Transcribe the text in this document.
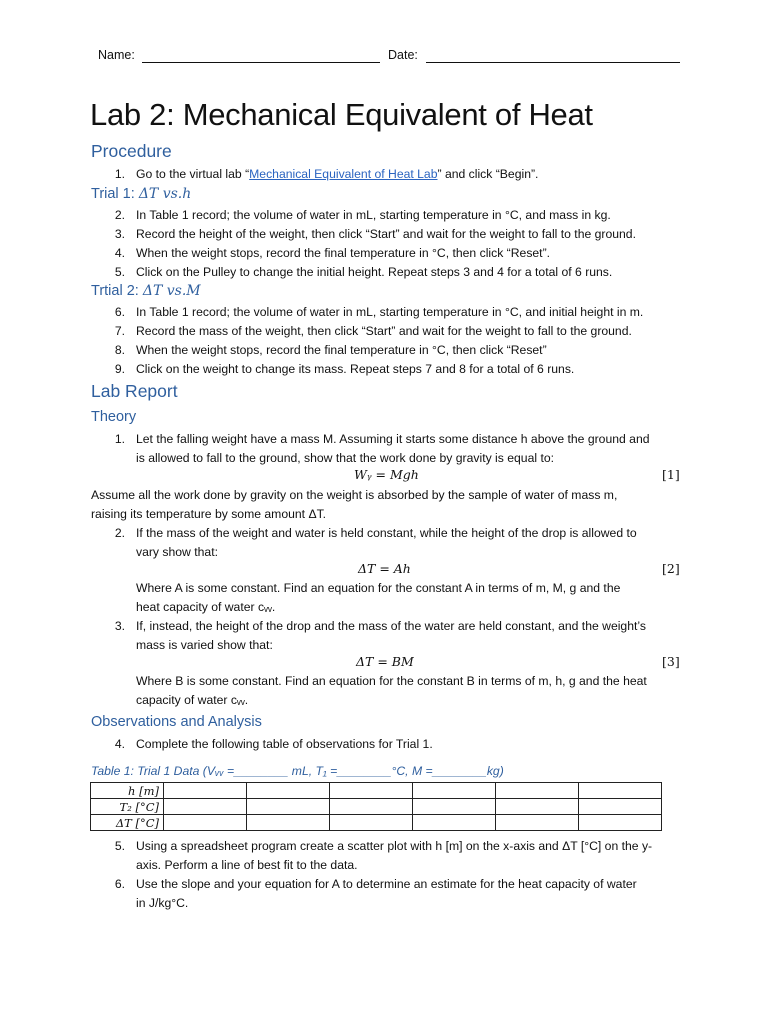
Name:	Date:
Lab 2: Mechanical Equivalent of Heat
Procedure
1. Go to the virtual lab “Mechanical Equivalent of Heat Lab” and click “Begin”.
Trial 1: ΔT vs.h
2. In Table 1 record; the volume of water in mL, starting temperature in °C, and mass in kg.
3. Record the height of the weight, then click “Start” and wait for the weight to fall to the ground.
4. When the weight stops, record the final temperature in °C, then click “Reset”.
5. Click on the Pulley to change the initial height. Repeat steps 3 and 4 for a total of 6 runs.
Trtial 2: ΔT vs.M
6. In Table 1 record; the volume of water in mL, starting temperature in °C, and initial height in m.
7. Record the mass of the weight, then click “Start” and wait for the weight to fall to the ground.
8. When the weight stops, record the final temperature in °C, then click “Reset”
9. Click on the weight to change its mass. Repeat steps 7 and 8 for a total of 6 runs.
Lab Report
Theory
1. Let the falling weight have a mass M. Assuming it starts some distance h above the ground and
is allowed to fall to the ground, show that the work done by gravity is equal to:
Wᵧ = Mgh	[1]
Assume all the work done by gravity on the weight is absorbed by the sample of water of mass m,
raising its temperature by some amount ΔT.
2. If the mass of the weight and water is held constant, while the height of the drop is allowed to
vary show that:
ΔT = Ah	[2]
Where A is some constant. Find an equation for the constant A in terms of m, M, g and the
heat capacity of water cᵥᵥ.
3. If, instead, the height of the drop and the mass of the water are held constant, and the weight’s
mass is varied show that:
ΔT = BM	[3]
Where B is some constant. Find an equation for the constant B in terms of m, h, g and the heat
capacity of water cᵥᵥ.
Observations and Analysis
4. Complete the following table of observations for Trial 1.
Table 1: Trial 1 Data (Vᵥᵥ =________ mL, T₁ =________°C, M =________kg)
h [m]						
T₂ [°C]						
ΔT [°C]						
5. Using a spreadsheet program create a scatter plot with h [m] on the x-axis and ΔT [°C] on the y-
axis. Perform a line of best fit to the data.
6. Use the slope and your equation for A to determine an estimate for the heat capacity of water
in J/kg°C.
